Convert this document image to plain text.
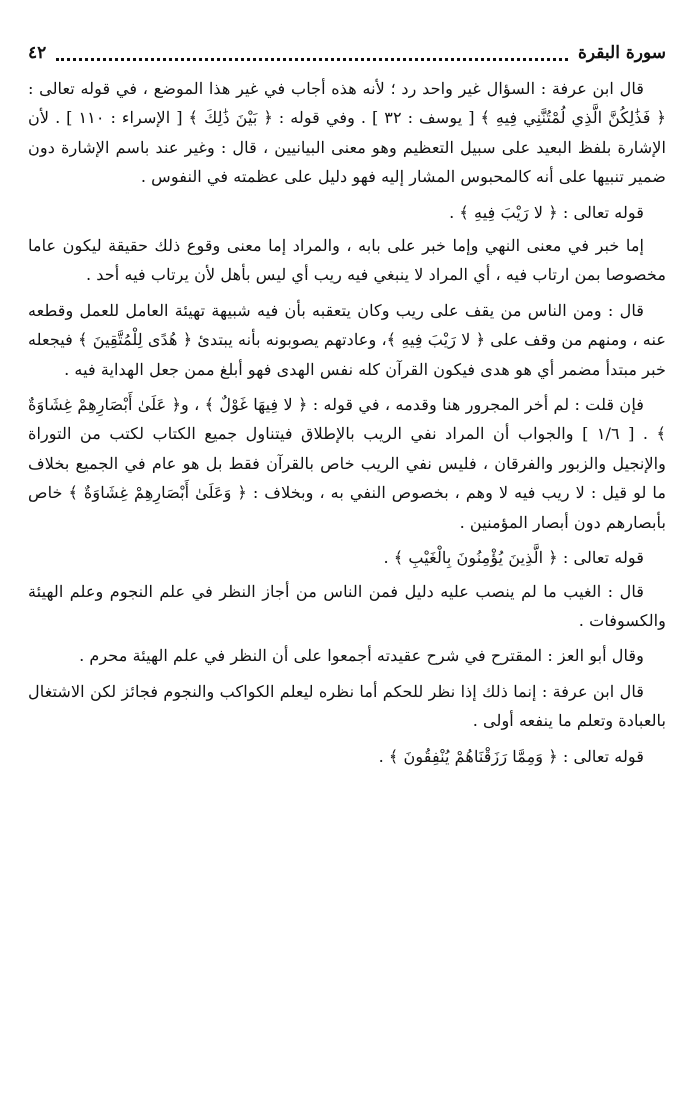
سورة البقرة
٤٢

قال ابن عرفة : السؤال غير واحد رد ؛ لأنه هذه أجاب في غير هذا الموضع ، في قوله تعالى : ﴿ فَذَٰلِكُنَّ الَّذِي لُمْتُنَّنِي فِيهِ ﴾ [ يوسف : ٣٢ ] . وفي قوله : ﴿ بَيْنَ ذَٰلِكَ ﴾ [ الإسراء : ١١٠ ] . لأن الإشارة بلفظ البعيد على سبيل التعظيم وهو معنى البيانيين ، قال : وغير عند باسم الإشارة دون ضمير تنبيها على أنه كالمحبوس المشار إليه فهو دليل على عظمته في النفوس .

قوله تعالى : ﴿ لا رَيْبَ فِيهِ ﴾ .

إما خبر في معنى النهي وإما خبر على بابه ، والمراد إما معنى وقوع ذلك حقيقة ليكون عاما مخصوصا بمن ارتاب فيه ، أي المراد لا ينبغي فيه ريب أي ليس بأهل لأن يرتاب فيه أحد .

قال : ومن الناس من يقف على ريب وكان يتعقبه بأن فيه شبيهة تهيئة العامل للعمل وقطعه عنه ، ومنهم من وقف على ﴿ لا رَيْبَ فِيهِ ﴾، وعادتهم يصوبونه بأنه يبتدئ ﴿ هُدًى لِلْمُتَّقِينَ ﴾ فيجعله خبر مبتدأ مضمر أي هو هدى فيكون القرآن كله نفس الهدى فهو أبلغ ممن جعل الهداية فيه .

فإن قلت : لم أخر المجرور هنا وقدمه ، في قوله : ﴿ لا فِيهَا غَوْلٌ ﴾ ، و﴿ عَلَىٰ أَبْصَارِهِمْ غِشَاوَةٌ ﴾ . [ ١/٦ ] والجواب أن المراد نفي الريب بالإطلاق فيتناول جميع الكتاب لكتب من التوراة والإنجيل والزبور والفرقان ، فليس نفي الريب خاص بالقرآن فقط بل هو عام في الجميع بخلاف ما لو قيل : لا ريب فيه لا وهم ، بخصوص النفي به ، وبخلاف : ﴿ وَعَلَىٰ أَبْصَارِهِمْ غِشَاوَةٌ ﴾ خاص بأبصارهم دون أبصار المؤمنين .

قوله تعالى : ﴿ الَّذِينَ يُؤْمِنُونَ بِالْغَيْبِ ﴾ .

قال : الغيب ما لم ينصب عليه دليل فمن الناس من أجاز النظر في علم النجوم وعلم الهيئة والكسوفات .

وقال أبو العز : المقترح في شرح عقيدته أجمعوا على أن النظر في علم الهيئة محرم .

قال ابن عرفة : إنما ذلك إذا نظر للحكم أما نظره ليعلم الكواكب والنجوم فجائز لكن الاشتغال بالعبادة وتعلم ما ينفعه أولى .

قوله تعالى : ﴿ وَمِمَّا رَزَقْنَاهُمْ يُنْفِقُونَ ﴾ .
